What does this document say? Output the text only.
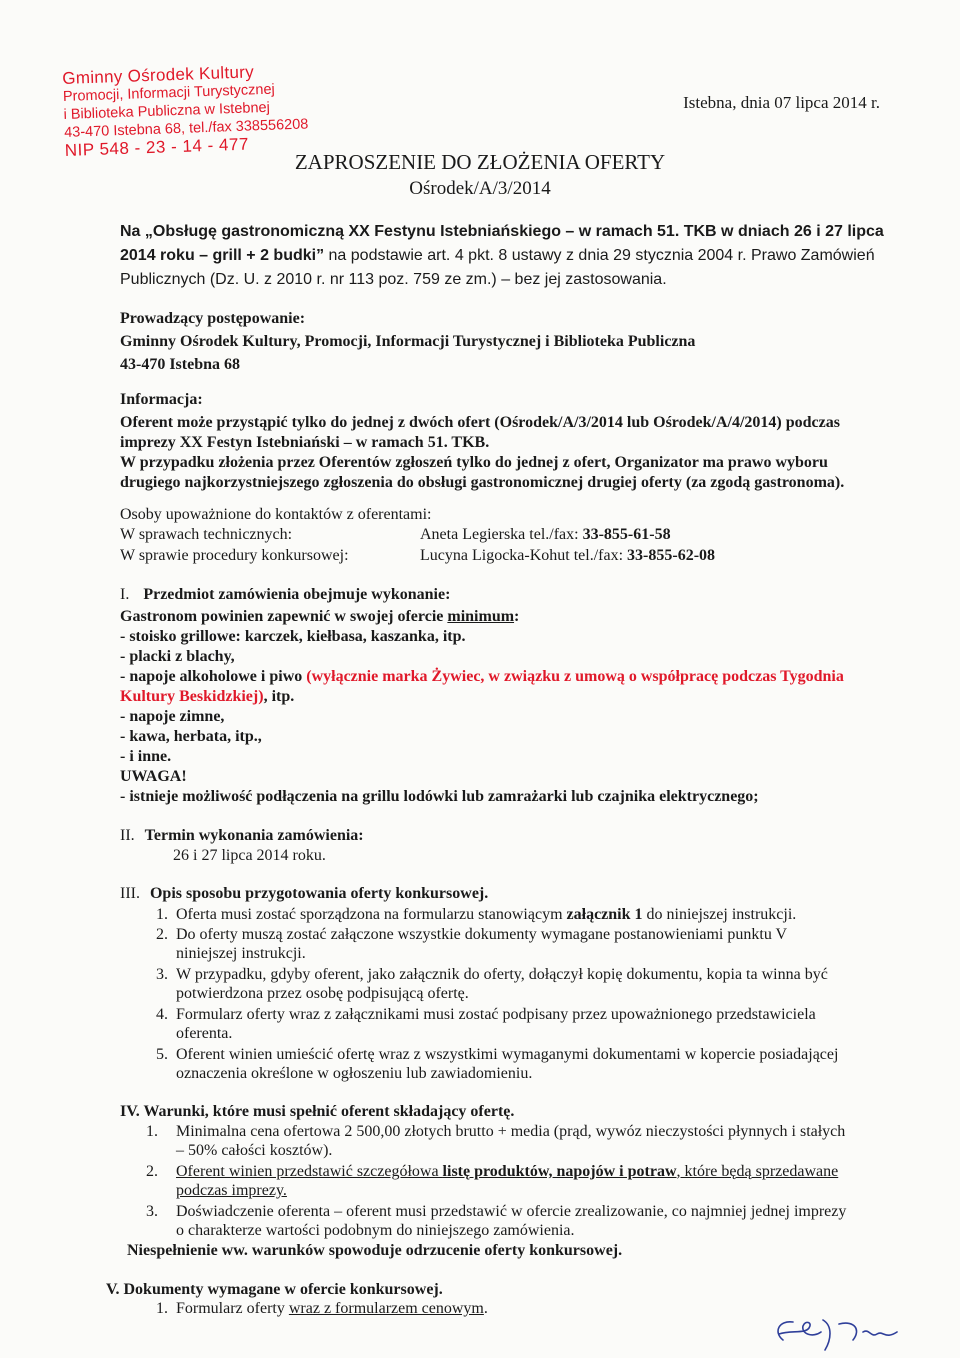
Gminny Ośrodek Kultury
Promocji, Informacji Turystycznej
i Biblioteka Publiczna w Istebnej
43-470 Istebna 68, tel./fax 338556208
NIP 548 - 23 - 14 - 477
Istebna, dnia 07 lipca 2014 r.
ZAPROSZENIE DO ZŁOŻENIA OFERTY
Ośrodek/A/3/2014
Na „Obsługę gastronomiczną XX Festynu Istebniańskiego – w ramach 51. TKB w dniach 26 i 27 lipca
2014 roku – grill + 2 budki” na podstawie art. 4 pkt. 8 ustawy z dnia 29 stycznia 2004 r. Prawo Zamówień
Publicznych (Dz. U. z 2010 r. nr 113 poz. 759 ze zm.) – bez jej zastosowania.
Prowadzący postępowanie:
Gminny Ośrodek Kultury, Promocji, Informacji Turystycznej i Biblioteka Publiczna
43-470 Istebna 68
Informacja:
Oferent może przystąpić tylko do jednej z dwóch ofert (Ośrodek/A/3/2014 lub Ośrodek/A/4/2014) podczas
imprezy XX Festyn Istebniański – w ramach 51. TKB.
W przypadku złożenia przez Oferentów zgłoszeń tylko do jednej z ofert, Organizator ma prawo wyboru
drugiego najkorzystniejszego zgłoszenia do obsługi gastronomicznej drugiej oferty (za zgodą gastronoma).
Osoby upoważnione do kontaktów z oferentami:
W sprawach technicznych:	Aneta Legierska tel./fax: 33-855-61-58
W sprawie procedury konkursowej:	Lucyna Ligocka-Kohut tel./fax: 33-855-62-08
I. Przedmiot zamówienia obejmuje wykonanie:
Gastronom powinien zapewnić w swojej ofercie minimum:
- stoisko grillowe: karczek, kiełbasa, kaszanka, itp.
- placki z blachy,
- napoje alkoholowe i piwo (wyłącznie marka Żywiec, w związku z umową o współpracę podczas Tygodnia
Kultury Beskidzkiej), itp.
- napoje zimne,
- kawa, herbata, itp.,
- i inne.
UWAGA!
- istnieje możliwość podłączenia na grillu lodówki lub zamrażarki lub czajnika elektrycznego;
II. Termin wykonania zamówienia:
26 i 27 lipca 2014 roku.
III. Opis sposobu przygotowania oferty konkursowej.
1. Oferta musi zostać sporządzona na formularzu stanowiącym załącznik 1 do niniejszej instrukcji.
2. Do oferty muszą zostać załączone wszystkie dokumenty wymagane postanowieniami punktu V
niniejszej instrukcji.
3. W przypadku, gdyby oferent, jako załącznik do oferty, dołączył kopię dokumentu, kopia ta winna być
potwierdzona przez osobę podpisującą ofertę.
4. Formularz oferty wraz z załącznikami musi zostać podpisany przez upoważnionego przedstawiciela
oferenta.
5. Oferent winien umieścić ofertę wraz z wszystkimi wymaganymi dokumentami w kopercie posiadającej
oznaczenia określone w ogłoszeniu lub zawiadomieniu.
IV. Warunki, które musi spełnić oferent składający ofertę.
1. Minimalna cena ofertowa 2 500,00 złotych brutto + media (prąd, wywóz nieczystości płynnych i stałych
– 50% całości kosztów).
2. Oferent winien przedstawić szczegółowa listę produktów, napojów i potraw, które będą sprzedawane
podczas imprezy.
3. Doświadczenie oferenta – oferent musi przedstawić w ofercie zrealizowanie, co najmniej jednej imprezy
o charakterze wartości podobnym do niniejszego zamówienia.
Niespełnienie ww. warunków spowoduje odrzucenie oferty konkursowej.
V. Dokumenty wymagane w ofercie konkursowej.
1. Formularz oferty wraz z formularzem cenowym.
